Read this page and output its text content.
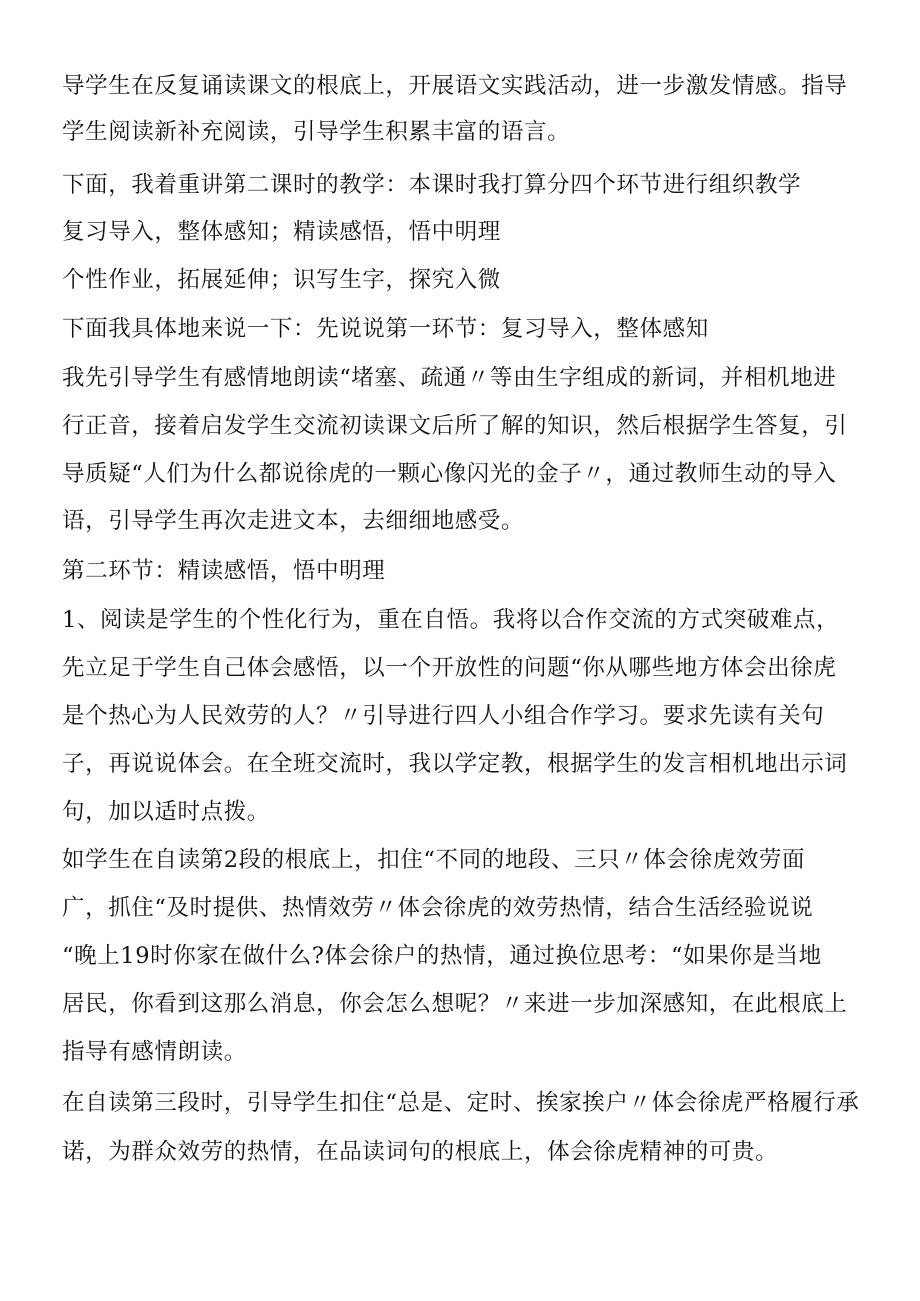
导学生在反复诵读课文的根底上，开展语文实践活动，进一步激发情感。指导
学生阅读新补充阅读，引导学生积累丰富的语言。
下面，我着重讲第二课时的教学：本课时我打算分四个环节进行组织教学
复习导入，整体感知；精读感悟，悟中明理
个性作业，拓展延伸；识写生字，探究入微
下面我具体地来说一下：先说说第一环节：复习导入，整体感知
我先引导学生有感情地朗读“堵塞、疏通〃等由生字组成的新词，并相机地进
行正音，接着启发学生交流初读课文后所了解的知识，然后根据学生答复，引
导质疑“人们为什么都说徐虎的一颗心像闪光的金子〃，通过教师生动的导入
语，引导学生再次走进文本，去细细地感受。
第二环节：精读感悟，悟中明理
1、阅读是学生的个性化行为，重在自悟。我将以合作交流的方式突破难点，
先立足于学生自己体会感悟，以一个开放性的问题“你从哪些地方体会出徐虎
是个热心为人民效劳的人？〃引导进行四人小组合作学习。要求先读有关句
子，再说说体会。在全班交流时，我以学定教，根据学生的发言相机地出示词
句，加以适时点拨。
如学生在自读第2段的根底上，扣住“不同的地段、三只〃体会徐虎效劳面
广，抓住“及时提供、热情效劳〃体会徐虎的效劳热情，结合生活经验说说
“晚上19时你家在做什么?体会徐户的热情，通过换位思考：“如果你是当地
居民，你看到这那么消息，你会怎么想呢？〃来进一步加深感知，在此根底上
指导有感情朗读。
在自读第三段时，引导学生扣住“总是、定时、挨家挨户〃体会徐虎严格履行承
诺，为群众效劳的热情，在品读词句的根底上，体会徐虎精神的可贵。
